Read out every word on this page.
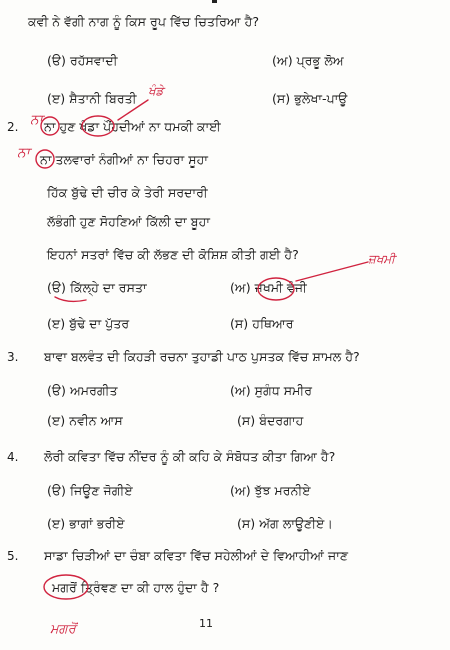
ਕਵੀ ਨੇ ਵੱਗੀ ਨਾਗ ਨੂੰ ਕਿਸ ਰੂਪ ਵਿੱਚ ਚਿਤਰਿਆ ਹੈ?
(ੳ) ਰਹੱਸਵਾਦੀ	(ਅ) ਪ੍ਰਭੂ ਲੋਅ
(ੲ) ਸ਼ੈਤਾਨੀ ਬਿਰਤੀ	(ਸ) ਭੁਲੇਖਾ-ਪਾਊ
2. ਨਾ ਹੁਣ ਖੰਡਾ ਪੌਂਹਦੀਆਂ ਨਾ ਧਮਕੀ ਕਾਈ
ਨਾ ਤਲਵਾਰਾਂ ਨੰਗੀਆਂ ਨਾ ਚਿਹਰਾ ਸੂਹਾ
ਹਿੱਕ ਬੁੱਢੇ ਦੀ ਚੀਰ ਕੇ ਤੇਰੀ ਸਰਦਾਰੀ
ਲੱਭੰਗੀ ਹੁਣ ਸੋਹਣਿਆਂ ਕਿੱਲੀ ਦਾ ਬੂਹਾ
ਇਹਨਾਂ ਸਤਰਾਂ ਵਿੱਚ ਕੀ ਲੱਭਣ ਦੀ ਕੋਸ਼ਿਸ਼ ਕੀਤੀ ਗਈ ਹੈ?
(ੳ) ਕਿੱਲ੍ਹੇ ਦਾ ਰਸਤਾ	(ਅ) ਜ਼ਖਮੀ ਵੰਜੀ
(ੲ) ਬੁੱਢੇ ਦਾ ਪੁੱਤਰ	(ਸ) ਹਥਿਆਰ
3. ਬਾਵਾ ਬਲਵੰਤ ਦੀ ਕਿਹੜੀ ਰਚਨਾ ਤੁਹਾਡੀ ਪਾਠ ਪੁਸਤਕ ਵਿੱਚ ਸ਼ਾਮਲ ਹੈ?
(ੳ) ਅਮਰਗੀਤ	(ਅ) ਸੁਗੰਧ ਸਮੀਰ
(ੲ) ਨਵੀਨ ਆਸ	(ਸ) ਬੰਦਰਗਾਹ
4. ਲੋਰੀ ਕਵਿਤਾ ਵਿੱਚ ਨੀਂਦਰ ਨੂੰ ਕੀ ਕਹਿ ਕੇ ਸੰਬੋਧਤ ਕੀਤਾ ਗਿਆ ਹੈ?
(ੳ) ਜਿਊਣ ਜੋਗੀਏ	(ਅ) ਝੁੱਝ ਮਰਨੀਏ
(ੲ) ਭਾਗਾਂ ਭਰੀਏ	(ਸ) ਅੱਗ ਲਾਊਣੀਏ।
5. ਸਾਡਾ ਚਿੜੀਆਂ ਦਾ ਚੰਬਾ ਕਵਿਤਾ ਵਿੱਚ ਸਹੇਲੀਆਂ ਦੇ ਵਿਆਹੀਆਂ ਜਾਣ
ਮਗਰੋਂ ਤ੍ਰਿੰਞਣ ਦਾ ਕੀ ਹਾਲ ਹੁੰਦਾ ਹੈ ?
11
ਨਾ
ਨਾ
ਖੰਡੇ
ਜ਼ਖਮੀ
ਮਗਰੋਂ
